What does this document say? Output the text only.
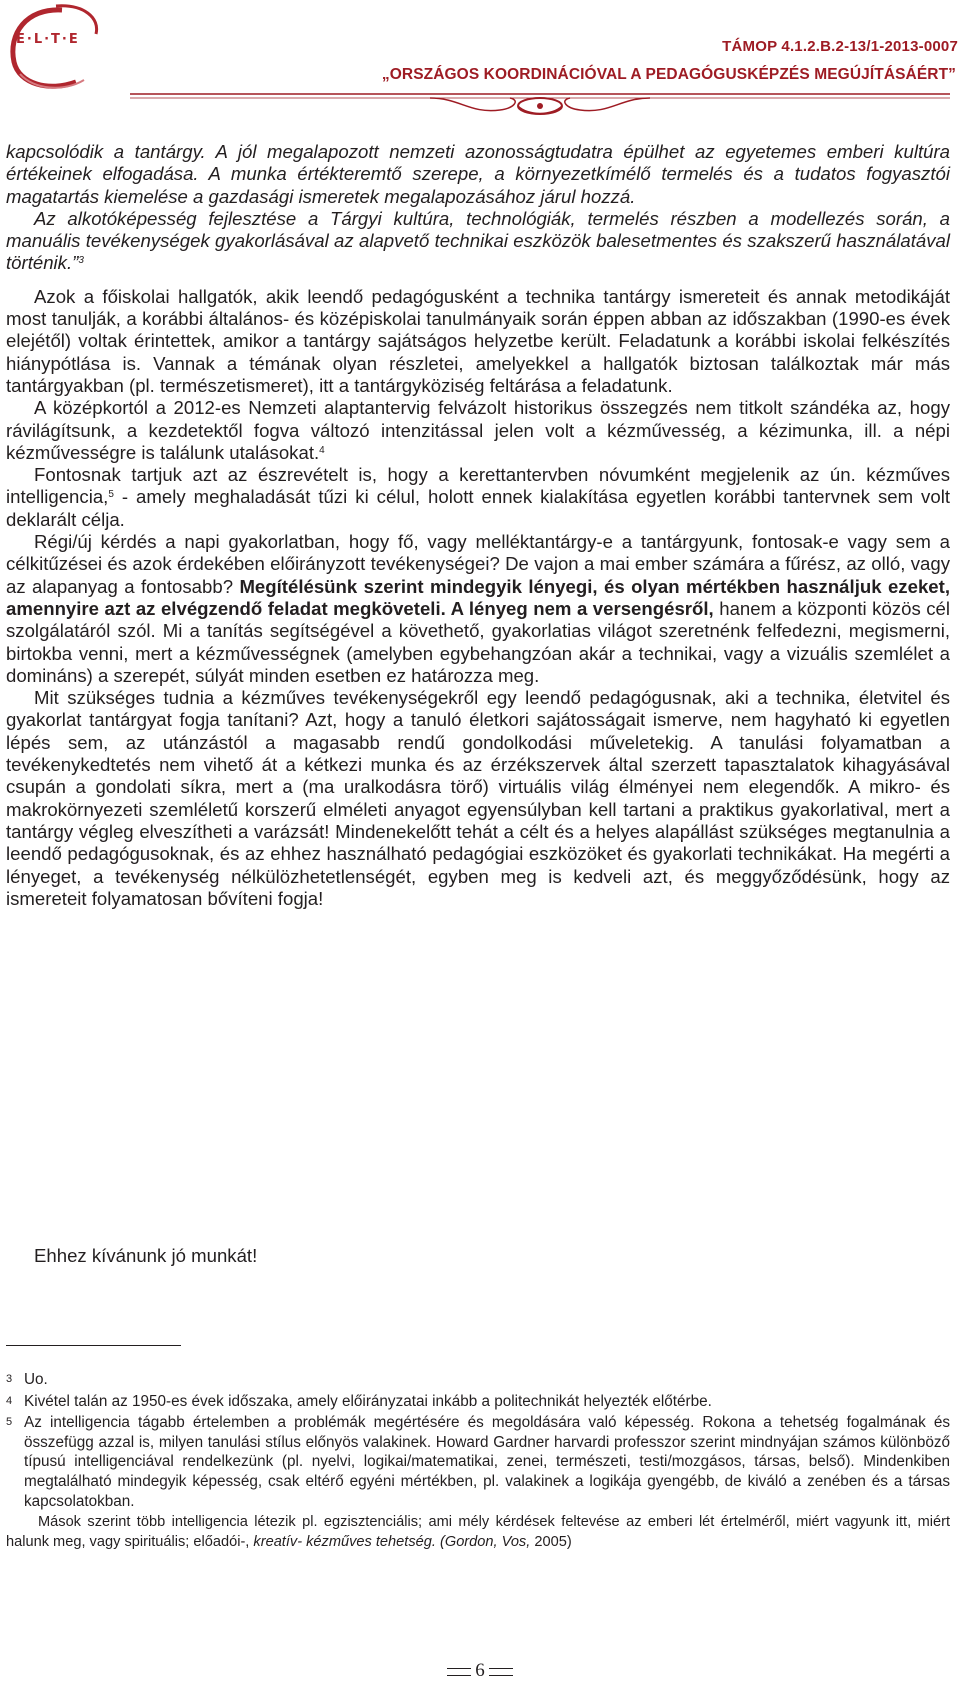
E·L·T·E	TÁMOP 4.1.2.B.2-13/1-2013-0007
„ORSZÁGOS KOORDINÁCIÓVAL A PEDAGÓGUSKÉPZÉS MEGÚJÍTÁSÁÉRT”

kapcsolódik a tantárgy. A jól megalapozott nemzeti azonosságtudatra épülhet az egyetemes emberi kultúra értékeinek elfogadása. A munka értékteremtő szerepe, a környezetkímélő termelés és a tudatos fogyasztói magatartás kiemelése a gazdasági ismeretek megalapozásához járul hozzá.

Az alkotóképesség fejlesztése a Tárgyi kultúra, technológiák, termelés részben a modellezés során, a manuális tevékenységek gyakorlásával az alapvető technikai eszközök balesetmentes és szakszerű használatával történik.”$^3$

Azok a főiskolai hallgatók, akik leendő pedagógusként a technika tantárgy ismereteit és annak metodikáját most tanulják, a korábbi általános- és középiskolai tanulmányaik során éppen abban az időszakban (1990-es évek elejétől) voltak érintettek, amikor a tantárgy sajátságos helyzetbe került. Feladatunk a korábbi iskolai felkészítés hiánypótlása is. Vannak a témának olyan részletei, amelyekkel a hallgatók biztosan találkoztak már más tantárgyakban (pl. természetismeret), itt a tantárgyköziség feltárása a feladatunk.

A középkortól a 2012-es Nemzeti alaptantervig felvázolt historikus összegzés nem titkolt szándéka az, hogy rávilágítsunk, a kezdetektől fogva változó intenzitással jelen volt a kézművesség, a kézimunka, ill. a népi kézművességre is találunk utalásokat.$^4$

Fontosnak tartjuk azt az észrevételt is, hogy a kerettantervben nóvumként megjelenik az ún. kézműves intelligencia,$^5$ - amely meghaladását tűzi ki célul, holott ennek kialakítása egyetlen korábbi tantervnek sem volt deklarált célja.

Régi/új kérdés a napi gyakorlatban, hogy fő, vagy melléktantárgy-e a tantárgyunk, fontosak-e vagy sem a célkitűzései és azok érdekében előirányzott tevékenységei? De vajon a mai ember számára a fűrész, az olló, vagy az alapanyag a fontosabb? Megítélésünk szerint mindegyik lényegi, és olyan mértékben használjuk ezeket, amennyire azt az elvégzendő feladat megköveteli. A lényeg nem a versengésről, hanem a központi közös cél szolgálatáról szól. Mi a tanítás segítségével a követhető, gyakorlatias világot szeretnénk felfedezni, megismerni, birtokba venni, mert a kézművességnek (amelyben egybehangzóan akár a technikai, vagy a vizuális szemlélet a domináns) a szerepét, súlyát minden esetben ez határozza meg.

Mit szükséges tudnia a kézműves tevékenységekről egy leendő pedagógusnak, aki a technika, életvitel és gyakorlat tantárgyat fogja tanítani? Azt, hogy a tanuló életkori sajátosságait ismerve, nem hagyható ki egyetlen lépés sem, az utánzástól a magasabb rendű gondolkodási műveletekig. A tanulási folyamatban a tevékenykedtetés nem vihető át a kétkezi munka és az érzékszervek által szerzett tapasztalatok kihagyásával csupán a gondolati síkra, mert a (ma uralkodásra törő) virtuális világ élményei nem elegendők. A mikro- és makrokörnyezeti szemléletű korszerű elméleti anyagot egyensúlyban kell tartani a praktikus gyakorlatival, mert a tantárgy végleg elveszítheti a varázsát! Mindenekelőtt tehát a célt és a helyes alapállást szükséges megtanulnia a leendő pedagógusoknak, és az ehhez használható pedagógiai eszközöket és gyakorlati technikákat. Ha megérti a lényeget, a tevékenység nélkülözhetetlenségét, egyben meg is kedveli azt, és meggyőződésünk, hogy az ismereteit folyamatosan bővíteni fogja!

Ehhez kívánunk jó munkát!

3 Uo.

4 Kivétel talán az 1950-es évek időszaka, amely előirányzatai inkább a politechnikát helyezték előtérbe.

5 Az intelligencia tágabb értelemben a problémák megértésére és megoldására való képesség. Rokona a tehetség fogalmának és összefügg azzal is, milyen tanulási stílus előnyös valakinek. Howard Gardner harvardi professzor szerint mindnyájan számos különböző típusú intelligenciával rendelkezünk (pl. nyelvi, logikai/matematikai, zenei, természeti, testi/mozgásos, társas, belső). Mindenkiben megtalálható mindegyik képesség, csak eltérő egyéni mértékben, pl. valakinek a logikája gyengébb, de kiváló a zenében és a társas kapcsolatokban.

Mások szerint több intelligencia létezik pl. egzisztenciális; ami mély kérdések feltevése az emberi lét értelméről, miért vagyunk itt, miért halunk meg, vagy spirituális; előadói-, kreatív- kézműves tehetség. (Gordon, Vos, 2005)

6
